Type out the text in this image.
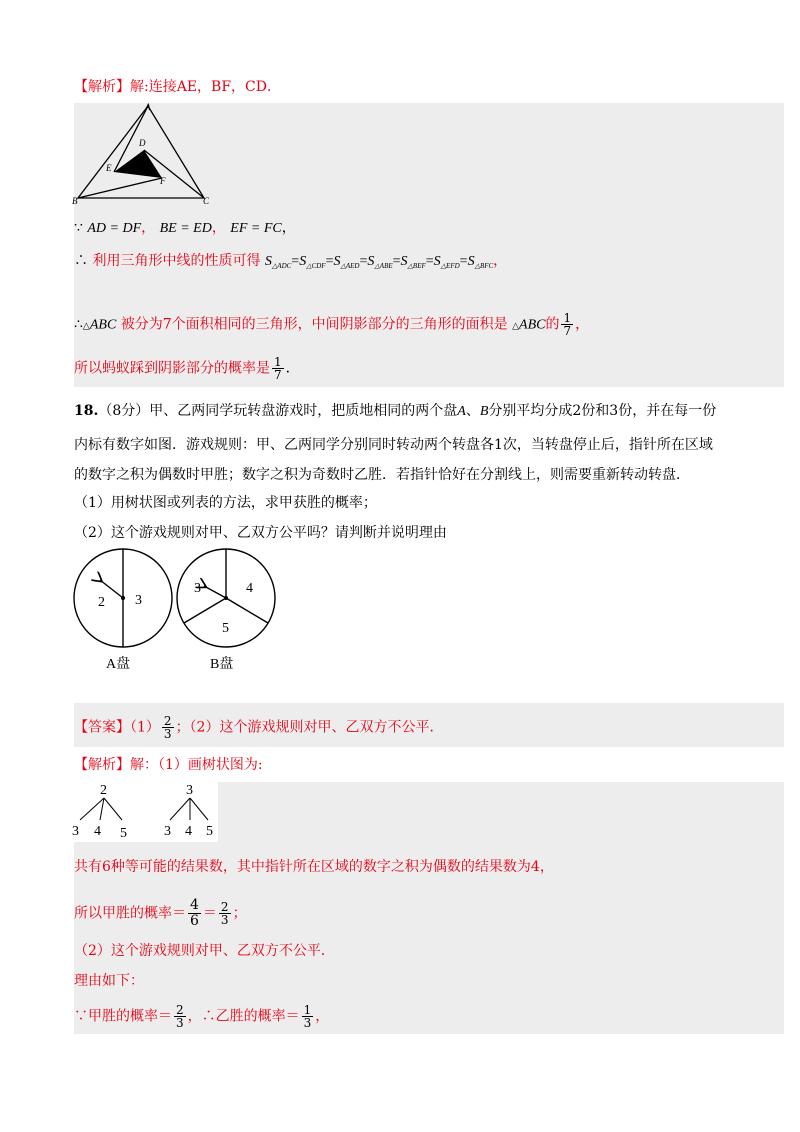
【解析】解:连接AE，BF，CD．
A
B	C
D
E
F
∵ AD = DF， BE = ED， EF = FC，
∴ 利用三角形中线的性质可得 $S_{\triangle ADC}=S_{\triangle CDF}=S_{\triangle AED}=S_{\triangle ABE}=S_{\triangle BEF}=S_{\triangle EFD}=S_{\triangle BFC}$，
∴△ABC 被分为7个面积相同的三角形，中间阴影部分的三角形的面积是 △ABC的 $\frac{1}{7}$ ，
所以蚂蚁踩到阴影部分的概率是 $\frac{1}{7}$ ．
18.（8分）甲、乙两同学玩转盘游戏时，把质地相同的两个盘A、B分别平均分成2份和3份，并在每一份
内标有数字如图．游戏规则：甲、乙两同学分别同时转动两个转盘各1次，当转盘停止后，指针所在区域
的数字之积为偶数时甲胜；数字之积为奇数时乙胜．若指针恰好在分割线上，则需要重新转动转盘．
（1）用树状图或列表的方法，求甲获胜的概率；
（2）这个游戏规则对甲、乙双方公平吗？请判断并说明理由
2 3
A盘
3	4
5
B盘
【答案】$(1) \frac{2}{3}$ ；（2）这个游戏规则对甲、乙双方不公平．
【解析】解：（1）画树状图为:
2
3 4 5
3
3 4 5
共有6种等可能的结果数，其中指针所在区域的数字之积为偶数的结果数为4，
所以甲胜的概率＝ $\frac{4}{6} = \frac{2}{3}$ ；
（2）这个游戏规则对甲、乙双方不公平．
理由如下：
∵甲胜的概率＝ $\frac{2}{3}$ ，∴乙胜的概率＝ $\frac{1}{3}$ ，
